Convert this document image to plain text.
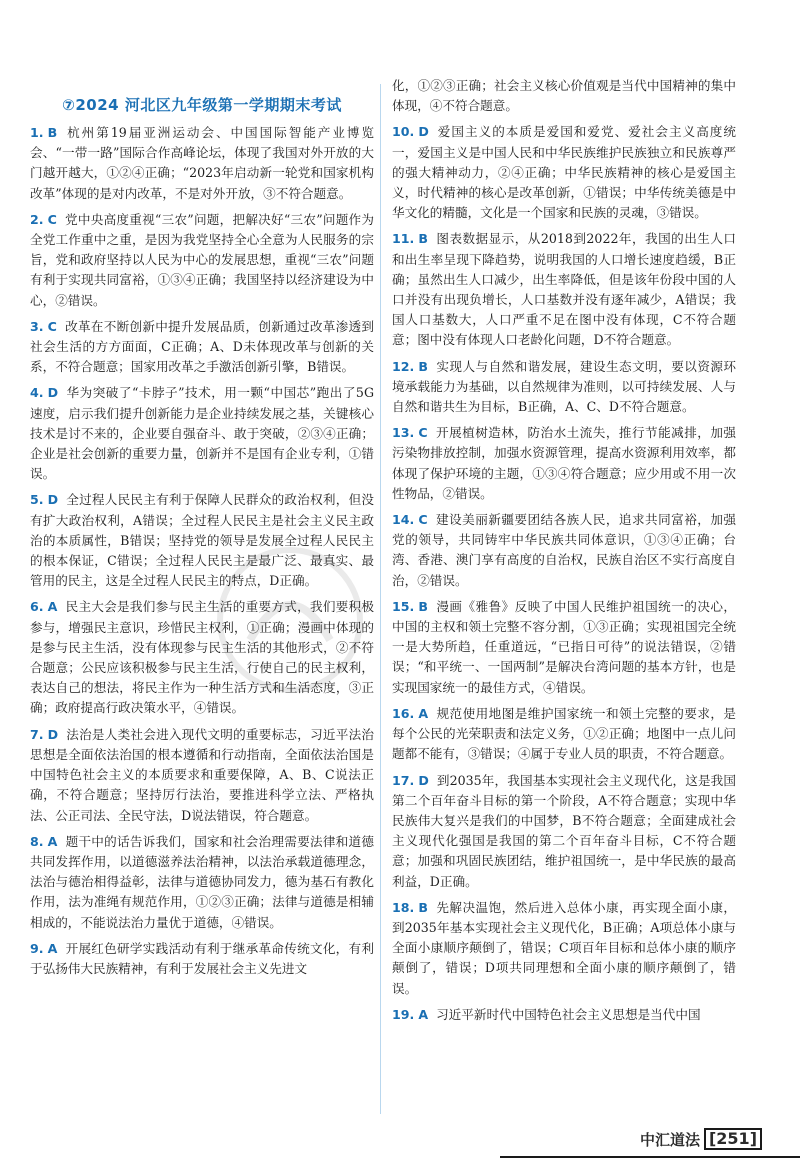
⑦2024 河北区九年级第一学期期末考试
1. B 杭州第19届亚洲运动会、中国国际智能产业博览会、“一带一路”国际合作高峰论坛，体现了我国对外开放的大门越开越大，①②④正确；“2023年启动新一轮党和国家机构改革”体现的是对内改革，不是对外开放，③不符合题意。
2. C 党中央高度重视“三农”问题，把解决好“三农”问题作为全党工作重中之重，是因为我党坚持全心全意为人民服务的宗旨，党和政府坚持以人民为中心的发展思想，重视“三农”问题有利于实现共同富裕，①③④正确；我国坚持以经济建设为中心，②错误。
3. C 改革在不断创新中提升发展品质，创新通过改革渗透到社会生活的方方面面，C正确；A、D未体现改革与创新的关系，不符合题意；国家用改革之手激活创新引擎，B错误。
4. D 华为突破了“卡脖子”技术，用一颗“中国芯”跑出了5G速度，启示我们提升创新能力是企业持续发展之基，关键核心技术是讨不来的，企业要自强奋斗、敢于突破，②③④正确；企业是社会创新的重要力量，创新并不是国有企业专利，①错误。
5. D 全过程人民民主有利于保障人民群众的政治权利，但没有扩大政治权利，A错误；全过程人民民主是社会主义民主政治的本质属性，B错误；坚持党的领导是发展全过程人民民主的根本保证，C错误；全过程人民民主是最广泛、最真实、最管用的民主，这是全过程人民民主的特点，D正确。
6. A 民主大会是我们参与民主生活的重要方式，我们要积极参与，增强民主意识，珍惜民主权利，①正确；漫画中体现的是参与民主生活，没有体现参与民主生活的其他形式，②不符合题意；公民应该积极参与民主生活，行使自己的民主权利，表达自己的想法，将民主作为一种生活方式和生活态度，③正确；政府提高行政决策水平，④错误。
7. D 法治是人类社会进入现代文明的重要标志，习近平法治思想是全面依法治国的根本遵循和行动指南，全面依法治国是中国特色社会主义的本质要求和重要保障，A、B、C说法正确，不符合题意；坚持厉行法治，要推进科学立法、严格执法、公正司法、全民守法，D说法错误，符合题意。
8. A 题干中的话告诉我们，国家和社会治理需要法律和道德共同发挥作用，以道德滋养法治精神，以法治承载道德理念，法治与德治相得益彰，法律与道德协同发力，德为基石有教化作用，法为准绳有规范作用，①②③正确；法律与道德是相辅相成的，不能说法治力量优于道德，④错误。
9. A 开展红色研学实践活动有利于继承革命传统文化，有利于弘扬伟大民族精神，有利于发展社会主义先进文
化，①②③正确；社会主义核心价值观是当代中国精神的集中体现，④不符合题意。
10. D 爱国主义的本质是爱国和爱党、爱社会主义高度统一，爱国主义是中国人民和中华民族维护民族独立和民族尊严的强大精神动力，②④正确；中华民族精神的核心是爱国主义，时代精神的核心是改革创新，①错误；中华传统美德是中华文化的精髓，文化是一个国家和民族的灵魂，③错误。
11. B 图表数据显示，从2018到2022年，我国的出生人口和出生率呈现下降趋势，说明我国的人口增长速度趋缓，B正确；虽然出生人口减少，出生率降低，但是该年份段中国的人口并没有出现负增长，人口基数并没有逐年减少，A错误；我国人口基数大，人口严重不足在图中没有体现，C不符合题意；图中没有体现人口老龄化问题，D不符合题意。
12. B 实现人与自然和谐发展，建设生态文明，要以资源环境承载能力为基础，以自然规律为准则，以可持续发展、人与自然和谐共生为目标，B正确，A、C、D不符合题意。
13. C 开展植树造林，防治水土流失，推行节能减排，加强污染物排放控制，加强水资源管理，提高水资源利用效率，都体现了保护环境的主题，①③④符合题意；应少用或不用一次性物品，②错误。
14. C 建设美丽新疆要团结各族人民，追求共同富裕，加强党的领导，共同铸牢中华民族共同体意识，①③④正确；台湾、香港、澳门享有高度的自治权，民族自治区不实行高度自治，②错误。
15. B 漫画《雅鲁》反映了中国人民维护祖国统一的决心，中国的主权和领土完整不容分割，①③正确；实现祖国完全统一是大势所趋，任重道远，“已指日可待”的说法错误，②错误；“和平统一、一国两制”是解决台湾问题的基本方针，也是实现国家统一的最佳方式，④错误。
16. A 规范使用地图是维护国家统一和领土完整的要求，是每个公民的光荣职责和法定义务，①②正确；地图中一点儿问题都不能有，③错误；④属于专业人员的职责，不符合题意。
17. D 到2035年，我国基本实现社会主义现代化，这是我国第二个百年奋斗目标的第一个阶段，A不符合题意；实现中华民族伟大复兴是我们的中国梦，B不符合题意；全面建成社会主义现代化强国是我国的第二个百年奋斗目标，C不符合题意；加强和巩固民族团结，维护祖国统一，是中华民族的最高利益，D正确。
18. B 先解决温饱，然后进入总体小康，再实现全面小康，到2035年基本实现社会主义现代化，B正确；A项总体小康与全面小康顺序颠倒了，错误；C项百年目标和总体小康的顺序颠倒了，错误；D项共同理想和全面小康的顺序颠倒了，错误。
19. A 习近平新时代中国特色社会主义思想是当代中国
中汇道法 [251]
